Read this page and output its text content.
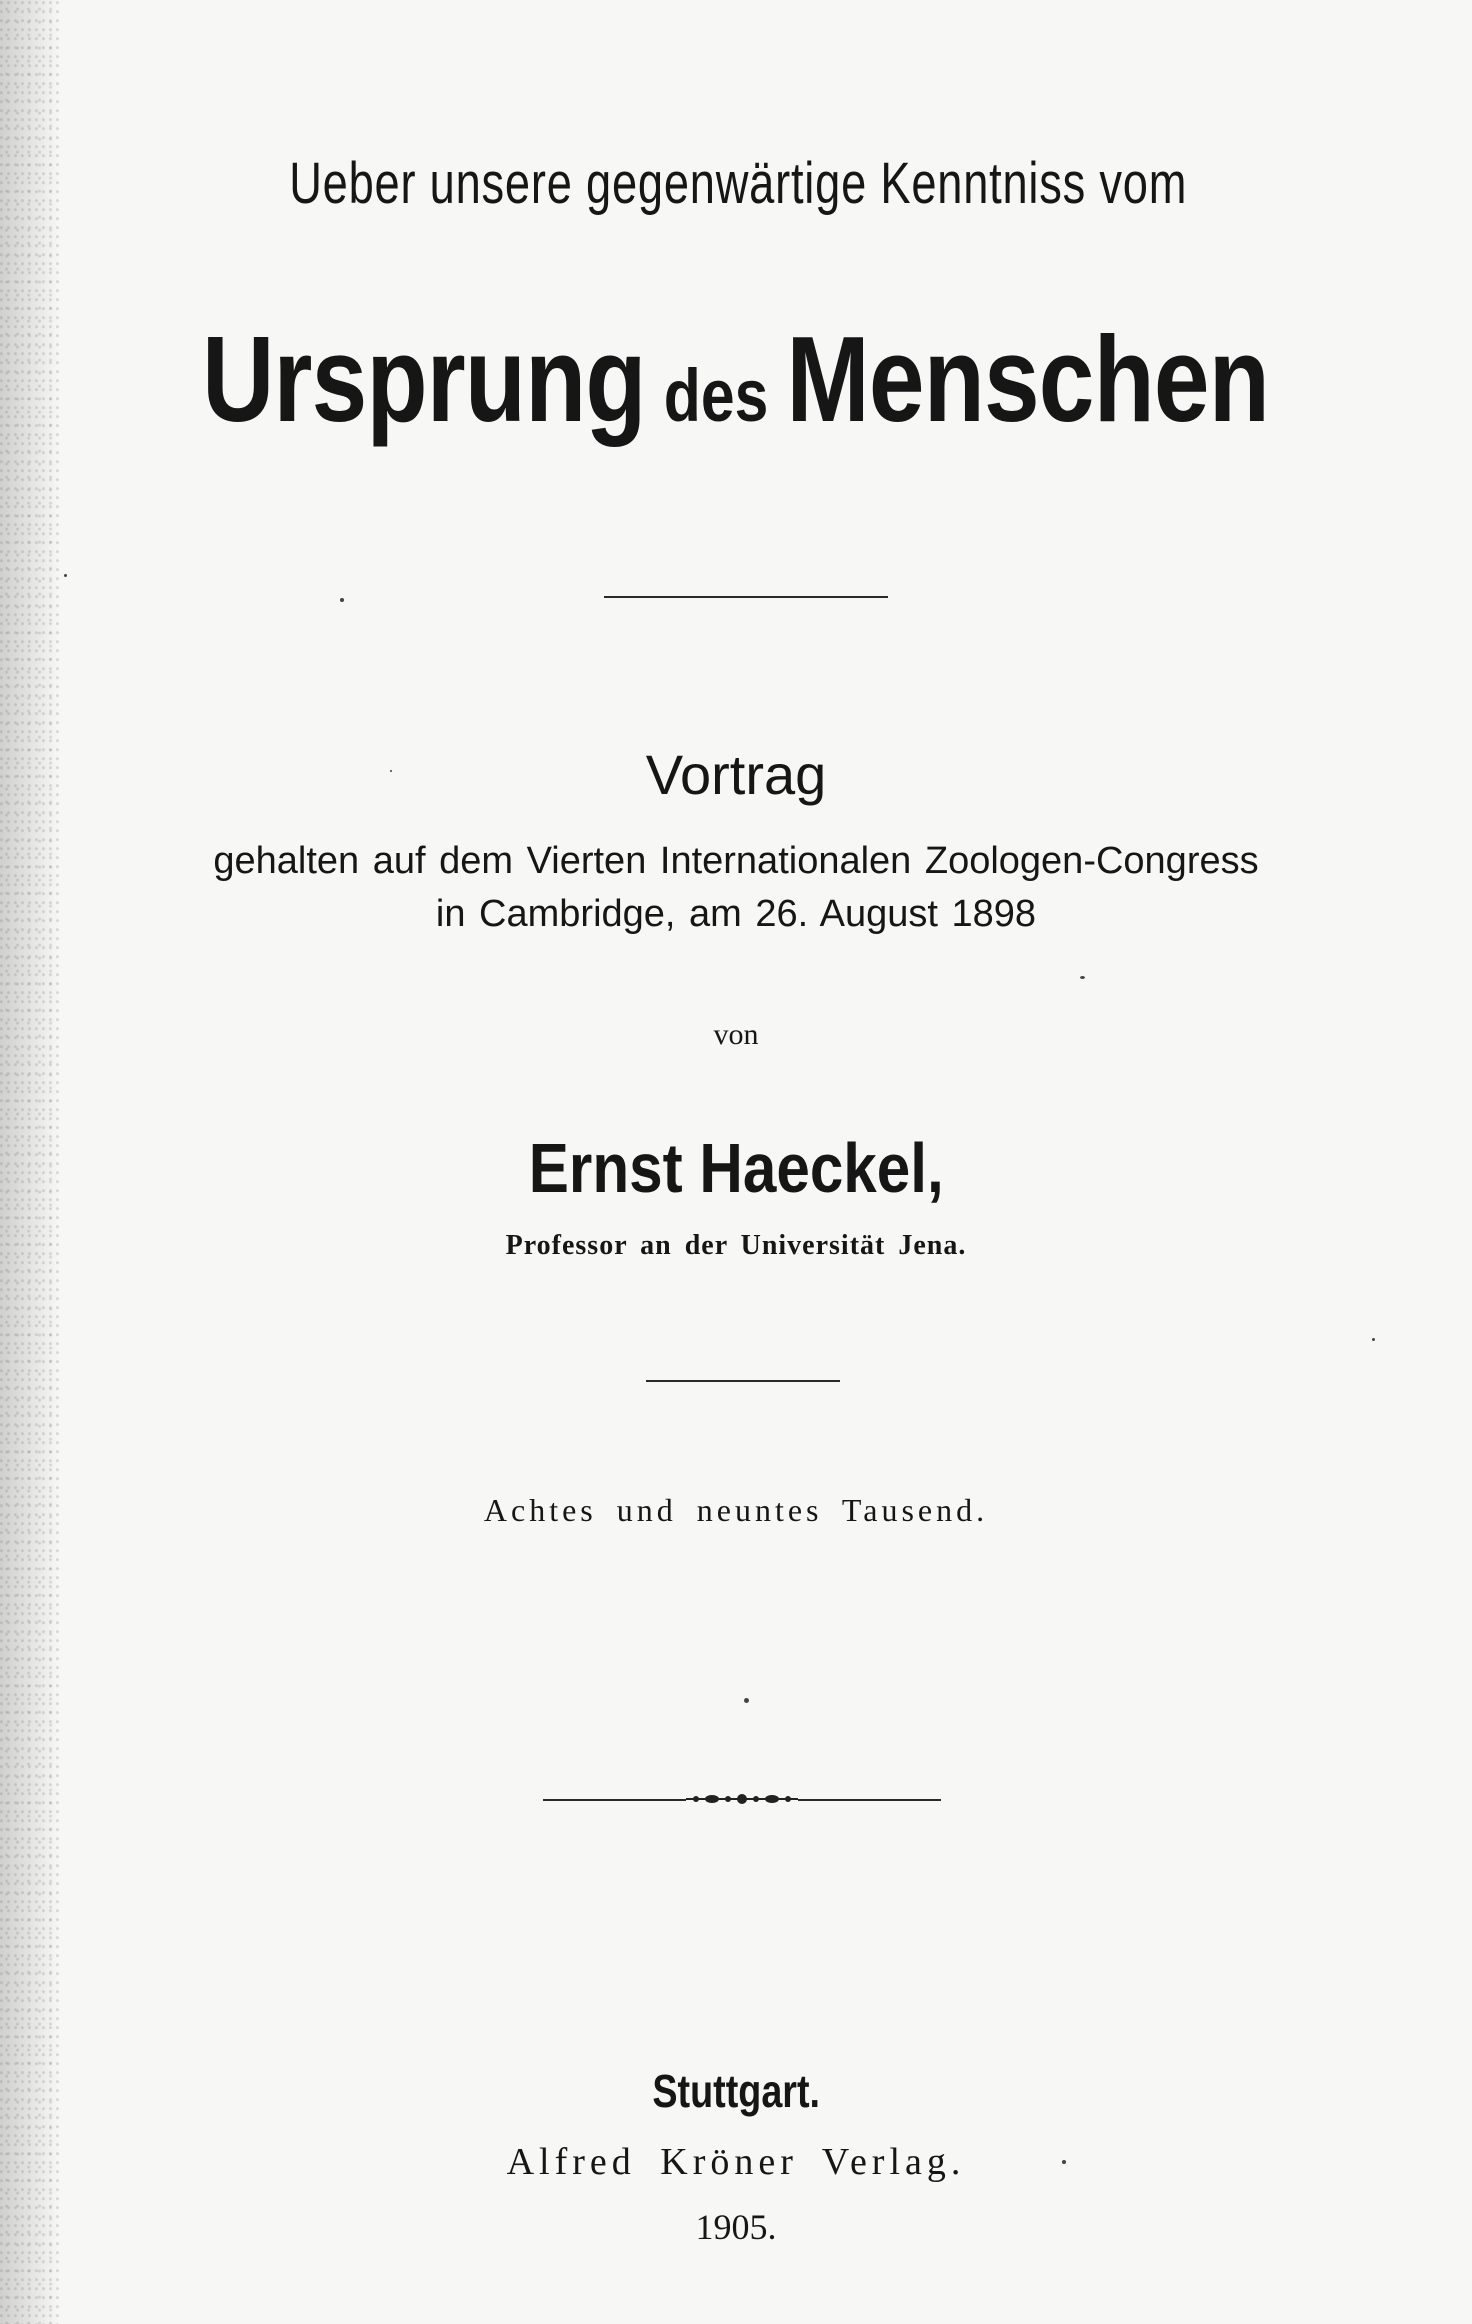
Ueber unsere gegenwärtige Kenntniss vom
Ursprung des Menschen
Vortrag
gehalten auf dem Vierten Internationalen Zoologen-Congress
in Cambridge, am 26. August 1898
von
Ernst Haeckel,
Professor an der Universität Jena.
Achtes und neuntes Tausend.
Stuttgart.
Alfred Kröner Verlag.
1905.
